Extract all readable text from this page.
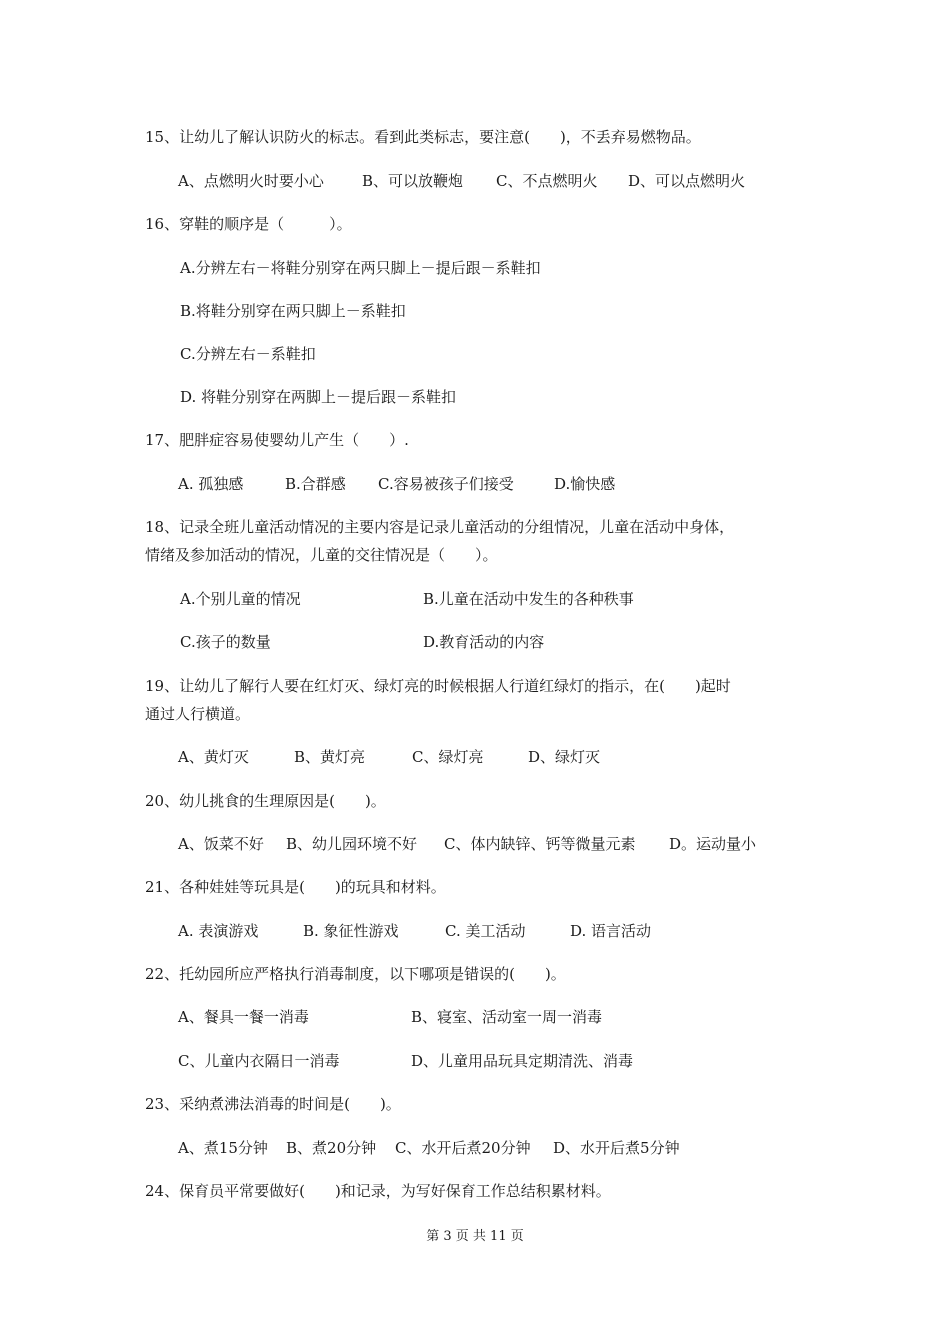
15、让幼儿了解认识防火的标志。看到此类标志，要注意(　　)，不丢弃易燃物品。
A、点燃明火时要小心	B、可以放鞭炮 C、不点燃明火 D、可以点燃明火
16、穿鞋的顺序是（　　　）。
A.分辨左右－将鞋分别穿在两只脚上－提后跟－系鞋扣
B.将鞋分别穿在两只脚上－系鞋扣
C.分辨左右－系鞋扣
D. 将鞋分别穿在两脚上－提后跟－系鞋扣
17、肥胖症容易使婴幼儿产生（　　）.
A. 孤独感	B.合群感 C.容易被孩子们接受	D.愉快感
18、记录全班儿童活动情况的主要内容是记录儿童活动的分组情况，儿童在活动中身体，
情绪及参加活动的情况，儿童的交往情况是（　　）。
A.个别儿童的情况	B.儿童在活动中发生的各种秩事
C.孩子的数量	D.教育活动的内容
19、让幼儿了解行人要在红灯灭、绿灯亮的时候根据人行道红绿灯的指示，在(　　)起时
通过人行横道。
A、黄灯灭	B、黄灯亮	C、绿灯亮	D、绿灯灭
20、幼儿挑食的生理原因是(　　)。
A、饭菜不好 B、幼儿园环境不好 C、体内缺锌、钙等微量元素 D。运动量小
21、各种娃娃等玩具是(　　)的玩具和材料。
A. 表演游戏	B. 象征性游戏	C. 美工活动	D. 语言活动
22、托幼园所应严格执行消毒制度，以下哪项是错误的(　　)。
A、餐具一餐一消毒	B、寝室、活动室一周一消毒
C、儿童内衣隔日一消毒	D、儿童用品玩具定期清洗、消毒
23、采纳煮沸法消毒的时间是(　　)。
A、煮15分钟 B、煮20分钟 C、水开后煮20分钟 D、水开后煮5分钟
24、保育员平常要做好(　　)和记录，为写好保育工作总结积累材料。
第 3 页 共 11 页
